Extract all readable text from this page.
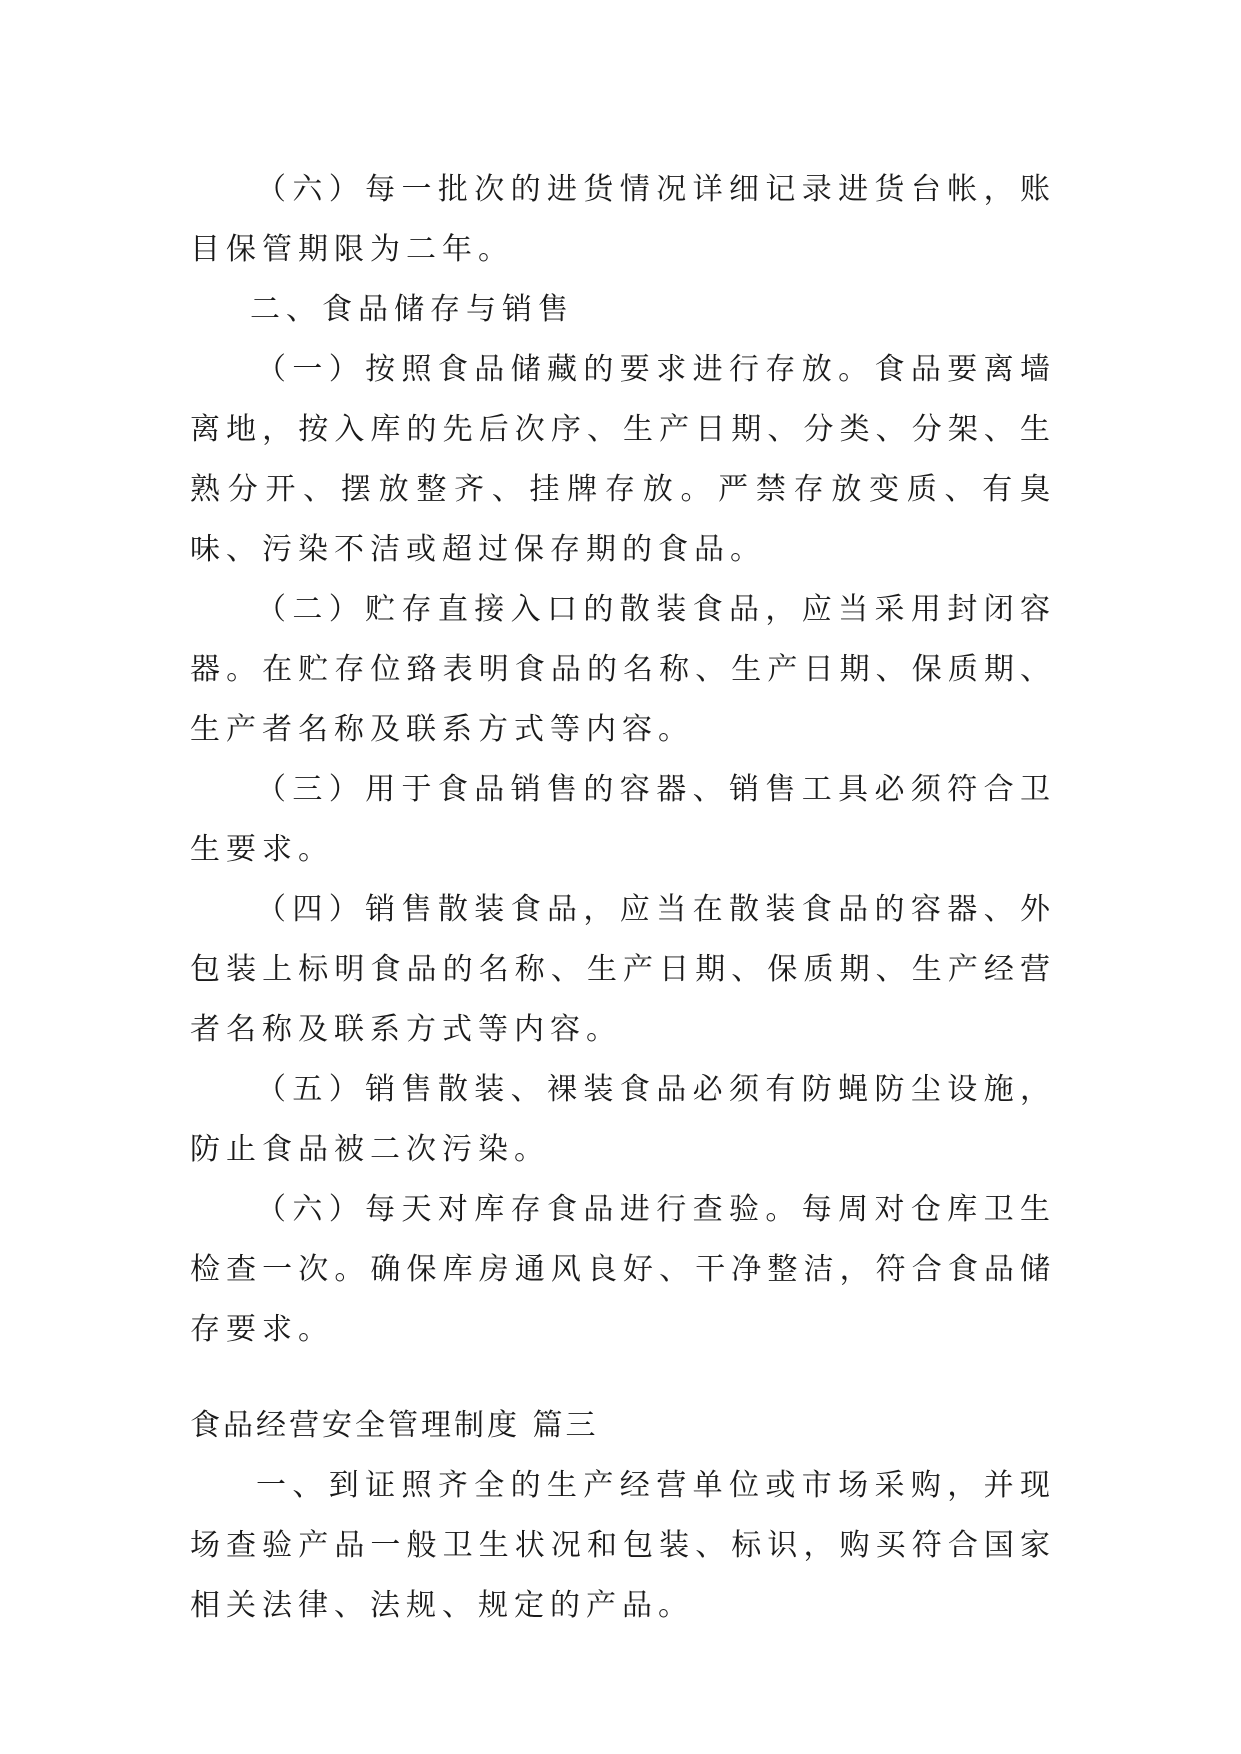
（六）每一批次的进货情况详细记录进货台帐，账目保管期限为二年。

二、食品储存与销售

（一）按照食品储藏的要求进行存放。食品要离墙离地，按入库的先后次序、生产日期、分类、分架、生熟分开、摆放整齐、挂牌存放。严禁存放变质、有臭味、污染不洁或超过保存期的食品。

（二）贮存直接入口的散装食品，应当采用封闭容器。在贮存位臵表明食品的名称、生产日期、保质期、生产者名称及联系方式等内容。

（三）用于食品销售的容器、销售工具必须符合卫生要求。

（四）销售散装食品，应当在散装食品的容器、外包装上标明食品的名称、生产日期、保质期、生产经营者名称及联系方式等内容。

（五）销售散装、裸装食品必须有防蝇防尘设施，防止食品被二次污染。

（六）每天对库存食品进行查验。每周对仓库卫生检查一次。确保库房通风良好、干净整洁，符合食品储存要求。

食品经营安全管理制度 篇三

一、到证照齐全的生产经营单位或市场采购，并现场查验产品一般卫生状况和包装、标识，购买符合国家相关法律、法规、规定的产品。
